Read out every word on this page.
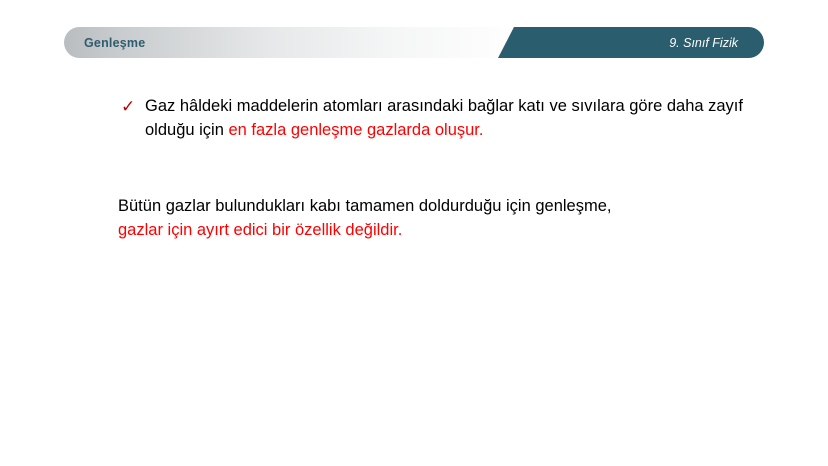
Genleşme	9. Sınıf Fizik
✓ Gaz hâldeki maddelerin atomları arasındaki bağlar katı ve sıvılara göre daha zayıf olduğu için en fazla genleşme gazlarda oluşur.
Bütün gazlar bulundukları kabı tamamen doldurduğu için genleşme,
gazlar için ayırt edici bir özellik değildir.
